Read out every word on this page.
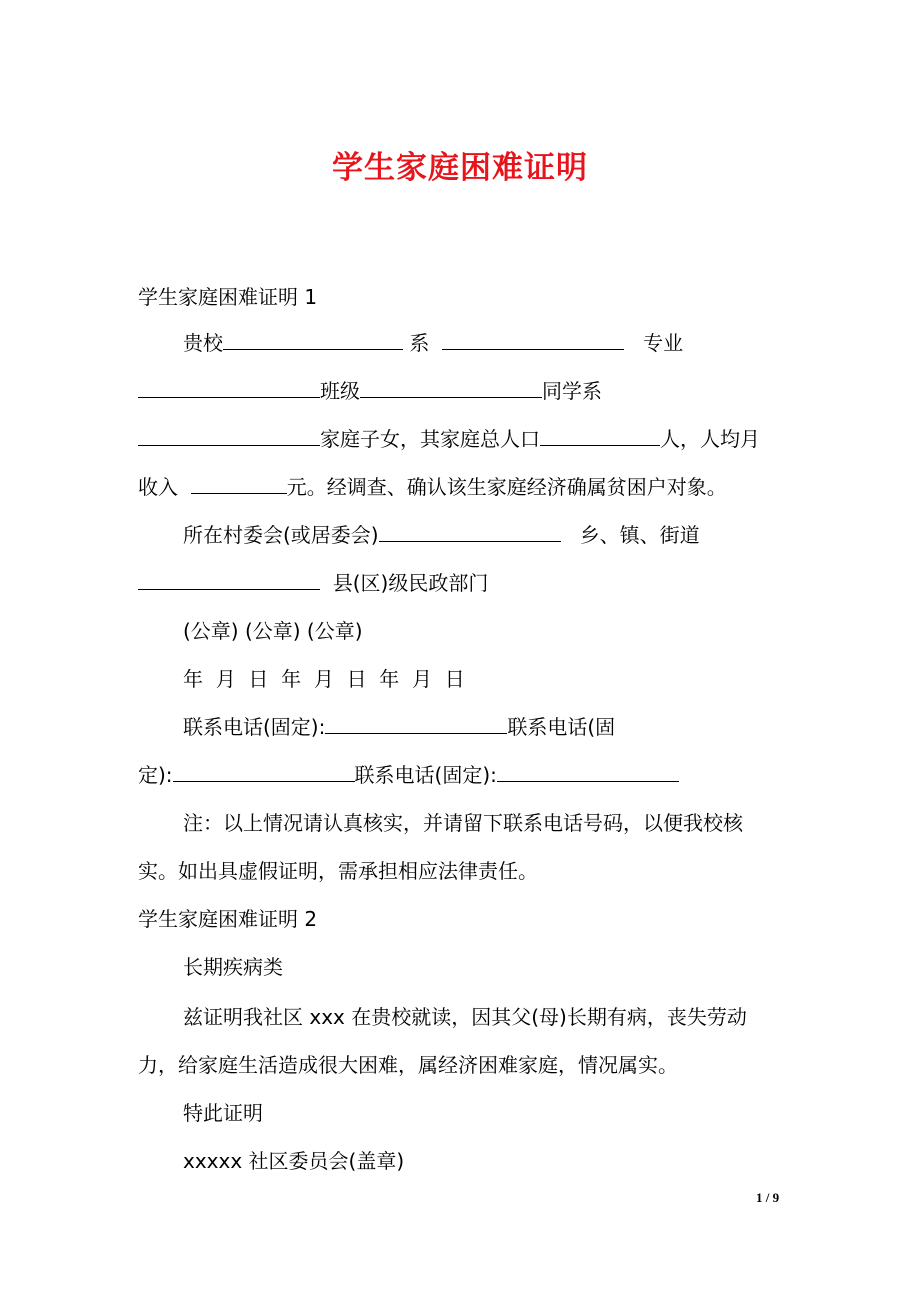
学生家庭困难证明
学生家庭困难证明 1
贵校	系	专业
班级	同学系
家庭子女，其家庭总人口	人，人均月
收入	元。经调查、确认该生家庭经济确属贫困户对象。
所在村委会(或居委会)	乡、镇、街道
县(区)级民政部门
(公章) (公章) (公章)
年  月  日  年  月  日  年  月  日
联系电话(固定):	联系电话(固
定):	联系电话(固定):
注：以上情况请认真核实，并请留下联系电话号码，以便我校核
实。如出具虚假证明，需承担相应法律责任。
学生家庭困难证明 2
长期疾病类
兹证明我社区 xxx 在贵校就读，因其父(母)长期有病，丧失劳动
力，给家庭生活造成很大困难，属经济困难家庭，情况属实。
特此证明
xxxxx 社区委员会(盖章)
1 / 9
